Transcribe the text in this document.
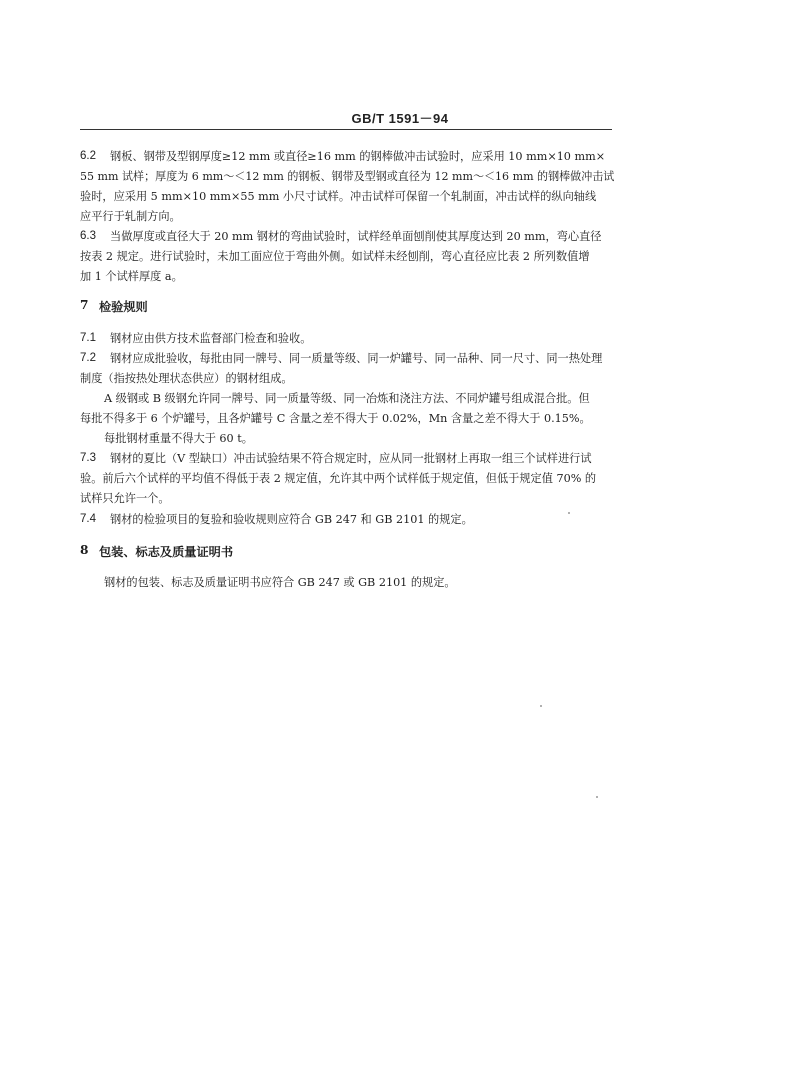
GB/T 1591－94
6.2 钢板、钢带及型钢厚度≥12 mm 或直径≥16 mm 的钢棒做冲击试验时，应采用 10 mm×10 mm×
55 mm 试样；厚度为 6 mm～＜12 mm 的钢板、钢带及型钢或直径为 12 mm～＜16 mm 的钢棒做冲击试
验时，应采用 5 mm×10 mm×55 mm 小尺寸试样。冲击试样可保留一个轧制面，冲击试样的纵向轴线
应平行于轧制方向。
6.3 当做厚度或直径大于 20 mm 钢材的弯曲试验时，试样经单面刨削使其厚度达到 20 mm，弯心直径
按表 2 规定。进行试验时，未加工面应位于弯曲外侧。如试样未经刨削，弯心直径应比表 2 所列数值增
加 1 个试样厚度 a。
7 检验规则
7.1 钢材应由供方技术监督部门检查和验收。
7.2 钢材应成批验收，每批由同一牌号、同一质量等级、同一炉罐号、同一品种、同一尺寸、同一热处理
制度（指按热处理状态供应）的钢材组成。
A 级钢或 B 级钢允许同一牌号、同一质量等级、同一冶炼和浇注方法、不同炉罐号组成混合批。但
每批不得多于 6 个炉罐号，且各炉罐号 C 含量之差不得大于 0.02%，Mn 含量之差不得大于 0.15%。
每批钢材重量不得大于 60 t。
7.3 钢材的夏比（V 型缺口）冲击试验结果不符合规定时，应从同一批钢材上再取一组三个试样进行试
验。前后六个试样的平均值不得低于表 2 规定值，允许其中两个试样低于规定值，但低于规定值 70% 的
试样只允许一个。
7.4 钢材的检验项目的复验和验收规则应符合 GB 247 和 GB 2101 的规定。
8 包装、标志及质量证明书
钢材的包装、标志及质量证明书应符合 GB 247 或 GB 2101 的规定。
